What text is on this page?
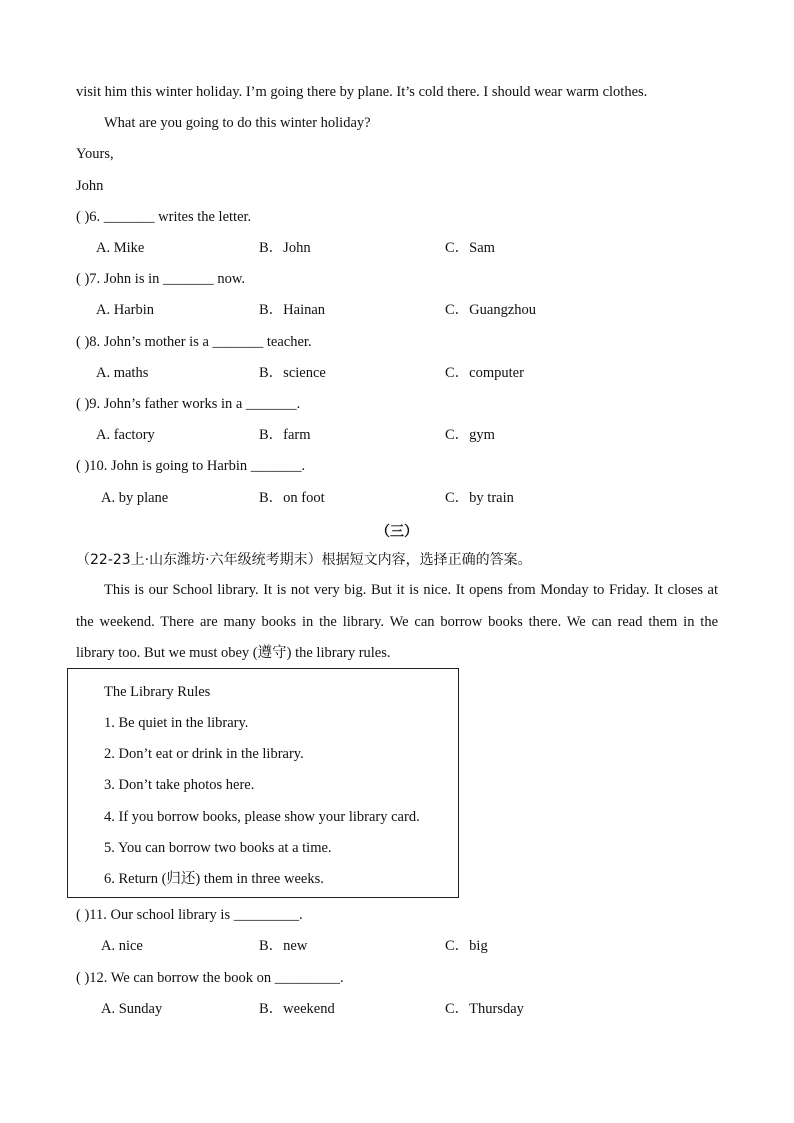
visit him this winter holiday. I’m going there by plane. It’s cold there. I should wear warm clothes.
What are you going to do this winter holiday?
Yours,
John
( )6. _______ writes the letter.
A. Mike	B．John	C．Sam
( )7. John is in _______ now.
A. Harbin	B．Hainan	C．Guangzhou
( )8. John’s mother is a _______ teacher.
A. maths	B．science	C．computer
( )9. John’s father works in a _______.
A. factory	B．farm	C．gym
( )10. John is going to Harbin _______.
A. by plane	B．on foot	C．by train
（三）
（22-23上·山东潍坊·六年级统考期末）根据短文内容，选择正确的答案。
This is our School library. It is not very big. But it is nice. It opens from Monday to Friday. It closes at the weekend. There are many books in the library. We can borrow books there. We can read them in the library too. But we must obey (遵守) the library rules.
The Library Rules
1. Be quiet in the library.
2. Don’t eat or drink in the library.
3. Don’t take photos here.
4. If you borrow books, please show your library card.
5. You can borrow two books at a time.
6. Return (归还) them in three weeks.
( )11. Our school library is _________.
A. nice	B．new	C．big
( )12. We can borrow the book on _________.
A. Sunday	B．weekend	C．Thursday
